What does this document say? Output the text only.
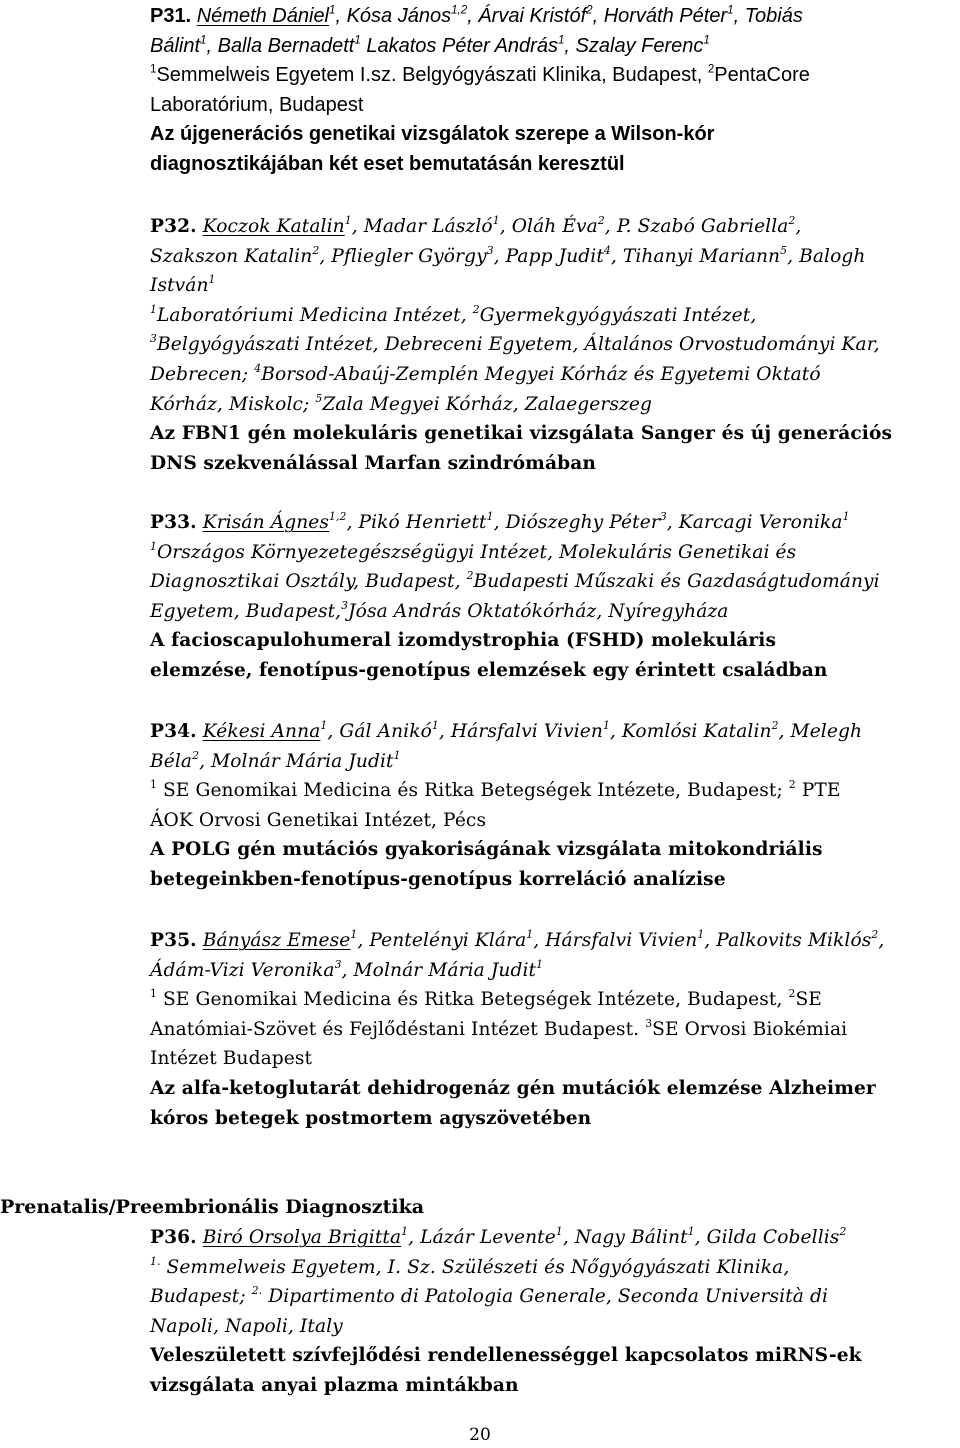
P31. Németh Dániel$^1$, Kósa János$^{1,2}$, Árvai Kristóf$^2$, Horváth Péter$^1$, Tobiás
Bálint$^1$, Balla Bernadett$^1$ Lakatos Péter András$^1$, Szalay Ferenc$^1$
$^1$Semmelweis Egyetem I.sz. Belgyógyászati Klinika, Budapest, $^2$PentaCore
Laboratórium, Budapest
Az újgenerációs genetikai vizsgálatok szerepe a Wilson-kór
diagnosztikájában két eset bemutatásán keresztül
P32. Koczok Katalin$^1$, Madar László$^1$, Oláh Éva$^2$, P. Szabó Gabriella$^2$,
Szakszon Katalin$^2$, Pfliegler György$^3$, Papp Judit$^4$, Tihanyi Mariann$^5$, Balogh
István$^1$
$^1$Laboratóriumi Medicina Intézet, $^2$Gyermekgyógyászati Intézet,
$^3$Belgyógyászati Intézet, Debreceni Egyetem, Általános Orvostudományi Kar,
Debrecen; $^4$Borsod-Abaúj-Zemplén Megyei Kórház és Egyetemi Oktató
Kórház, Miskolc; $^5$Zala Megyei Kórház, Zalaegerszeg
Az FBN1 gén molekuláris genetikai vizsgálata Sanger és új generációs
DNS szekvenálással Marfan szindrómában
P33. Krisán Ágnes$^{1,2}$, Pikó Henriett$^1$, Diószeghy Péter$^3$, Karcagi Veronika$^1$
$^1$Országos Környezetegészségügyi Intézet, Molekuláris Genetikai és
Diagnosztikai Osztály, Budapest, $^2$Budapesti Műszaki és Gazdaságtudományi
Egyetem, Budapest,$^3$Jósa András Oktatókórház, Nyíregyháza
A facioscapulohumeral izomdystrophia (FSHD) molekuláris
elemzése, fenotípus-genotípus elemzések egy érintett családban
P34. Kékesi Anna$^1$, Gál Anikó$^1$, Hársfalvi Vivien$^1$, Komlósi Katalin$^2$, Melegh
Béla$^2$, Molnár Mária Judit$^1$
$^1$ SE Genomikai Medicina és Ritka Betegségek Intézete, Budapest; $^2$ PTE
ÁOK Orvosi Genetikai Intézet, Pécs
A POLG gén mutációs gyakoriságának vizsgálata mitokondriális
betegeinkben-fenotípus-genotípus korreláció analízise
P35. Bányász Emese$^1$, Pentelényi Klára$^1$, Hársfalvi Vivien$^1$, Palkovits Miklós$^2$,
Ádám-Vizi Veronika$^3$, Molnár Mária Judit$^1$
$^1$ SE Genomikai Medicina és Ritka Betegségek Intézete, Budapest, $^2$SE
Anatómiai-Szövet és Fejlődéstani Intézet Budapest. $^3$SE Orvosi Biokémiai
Intézet Budapest
Az alfa-ketoglutarát dehidrogenáz gén mutációk elemzése Alzheimer
kóros betegek postmortem agyszövetében
Prenatalis/Preembrionális Diagnosztika
P36. Biró Orsolya Brigitta$^1$, Lázár Levente$^1$, Nagy Bálint$^1$, Gilda Cobellis$^2$
$^{1.}$ Semmelweis Egyetem, I. Sz. Szülészeti és Nőgyógyászati Klinika,
Budapest; $^{2.}$ Dipartimento di Patologia Generale, Seconda Università di
Napoli, Napoli, Italy
Veleszületett szívfejlődési rendellenességgel kapcsolatos miRNS-ek
vizsgálata anyai plazma mintákban
20
